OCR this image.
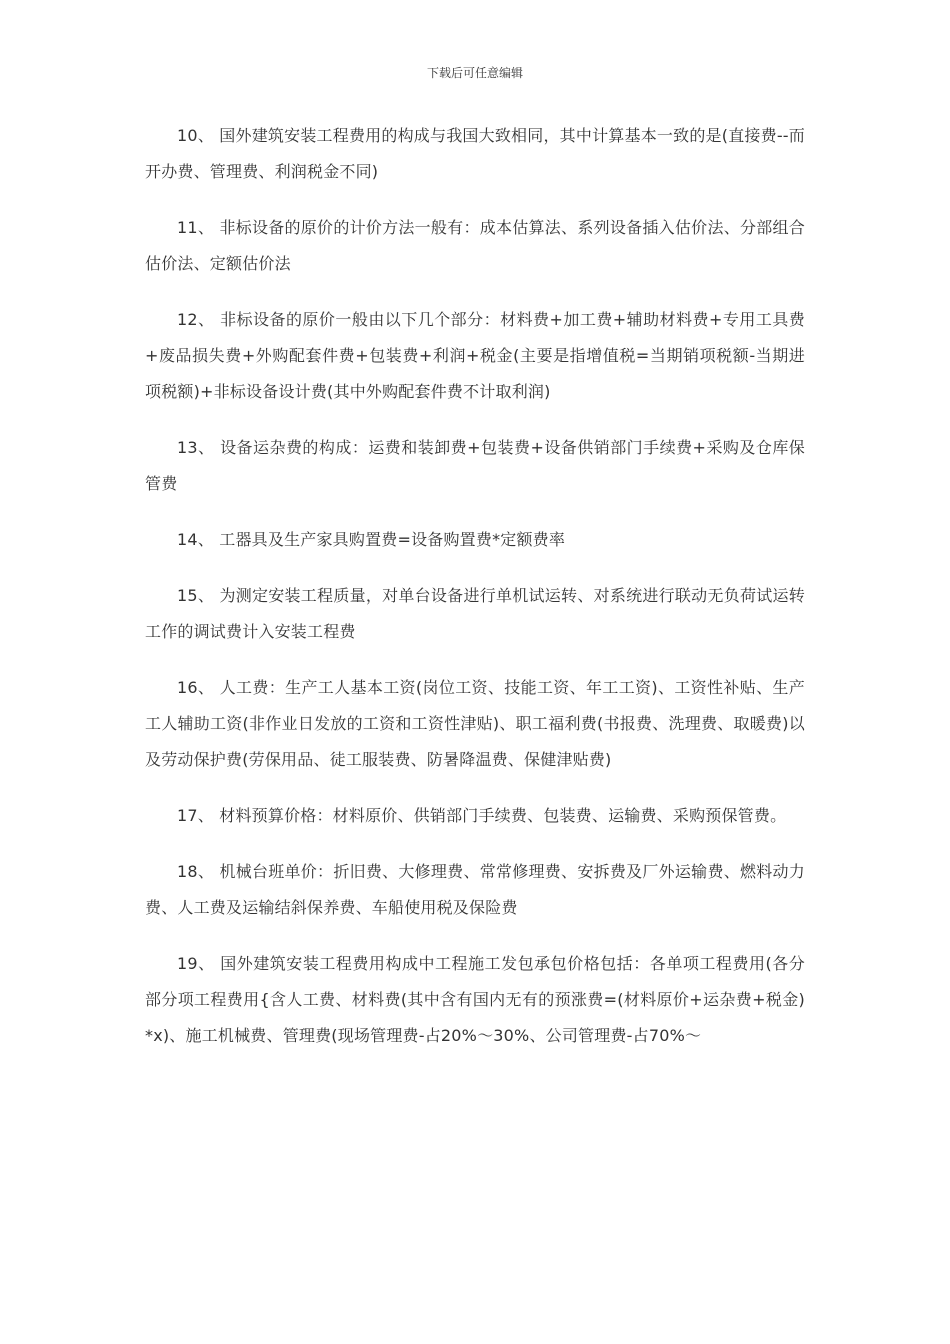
下载后可任意编辑

10、 国外建筑安装工程费用的构成与我国大致相同，其中计算基本一致的是(直接费--而开办费、管理费、利润税金不同)

11、 非标设备的原价的计价方法一般有：成本估算法、系列设备插入估价法、分部组合估价法、定额估价法

12、 非标设备的原价一般由以下几个部分：材料费+加工费+辅助材料费+专用工具费+废品损失费+外购配套件费+包装费+利润+税金(主要是指增值税=当期销项税额-当期进项税额)+非标设备设计费(其中外购配套件费不计取利润)

13、 设备运杂费的构成：运费和装卸费+包装费+设备供销部门手续费+采购及仓库保管费

14、 工器具及生产家具购置费=设备购置费*定额费率

15、 为测定安装工程质量，对单台设备进行单机试运转、对系统进行联动无负荷试运转工作的调试费计入安装工程费

16、 人工费：生产工人基本工资(岗位工资、技能工资、年工工资)、工资性补贴、生产工人辅助工资(非作业日发放的工资和工资性津贴)、职工福利费(书报费、洗理费、取暖费)以及劳动保护费(劳保用品、徒工服装费、防暑降温费、保健津贴费)

17、 材料预算价格：材料原价、供销部门手续费、包装费、运输费、采购预保管费。

18、 机械台班单价：折旧费、大修理费、常常修理费、安拆费及厂外运输费、燃料动力费、人工费及运输结斜保养费、车船使用税及保险费

19、 国外建筑安装工程费用构成中工程施工发包承包价格包括：各单项工程费用(各分部分项工程费用{含人工费、材料费(其中含有国内无有的预涨费=(材料原价+运杂费+税金)*x)、施工机械费、管理费(现场管理费-占20%～30%、公司管理费-占70%～
